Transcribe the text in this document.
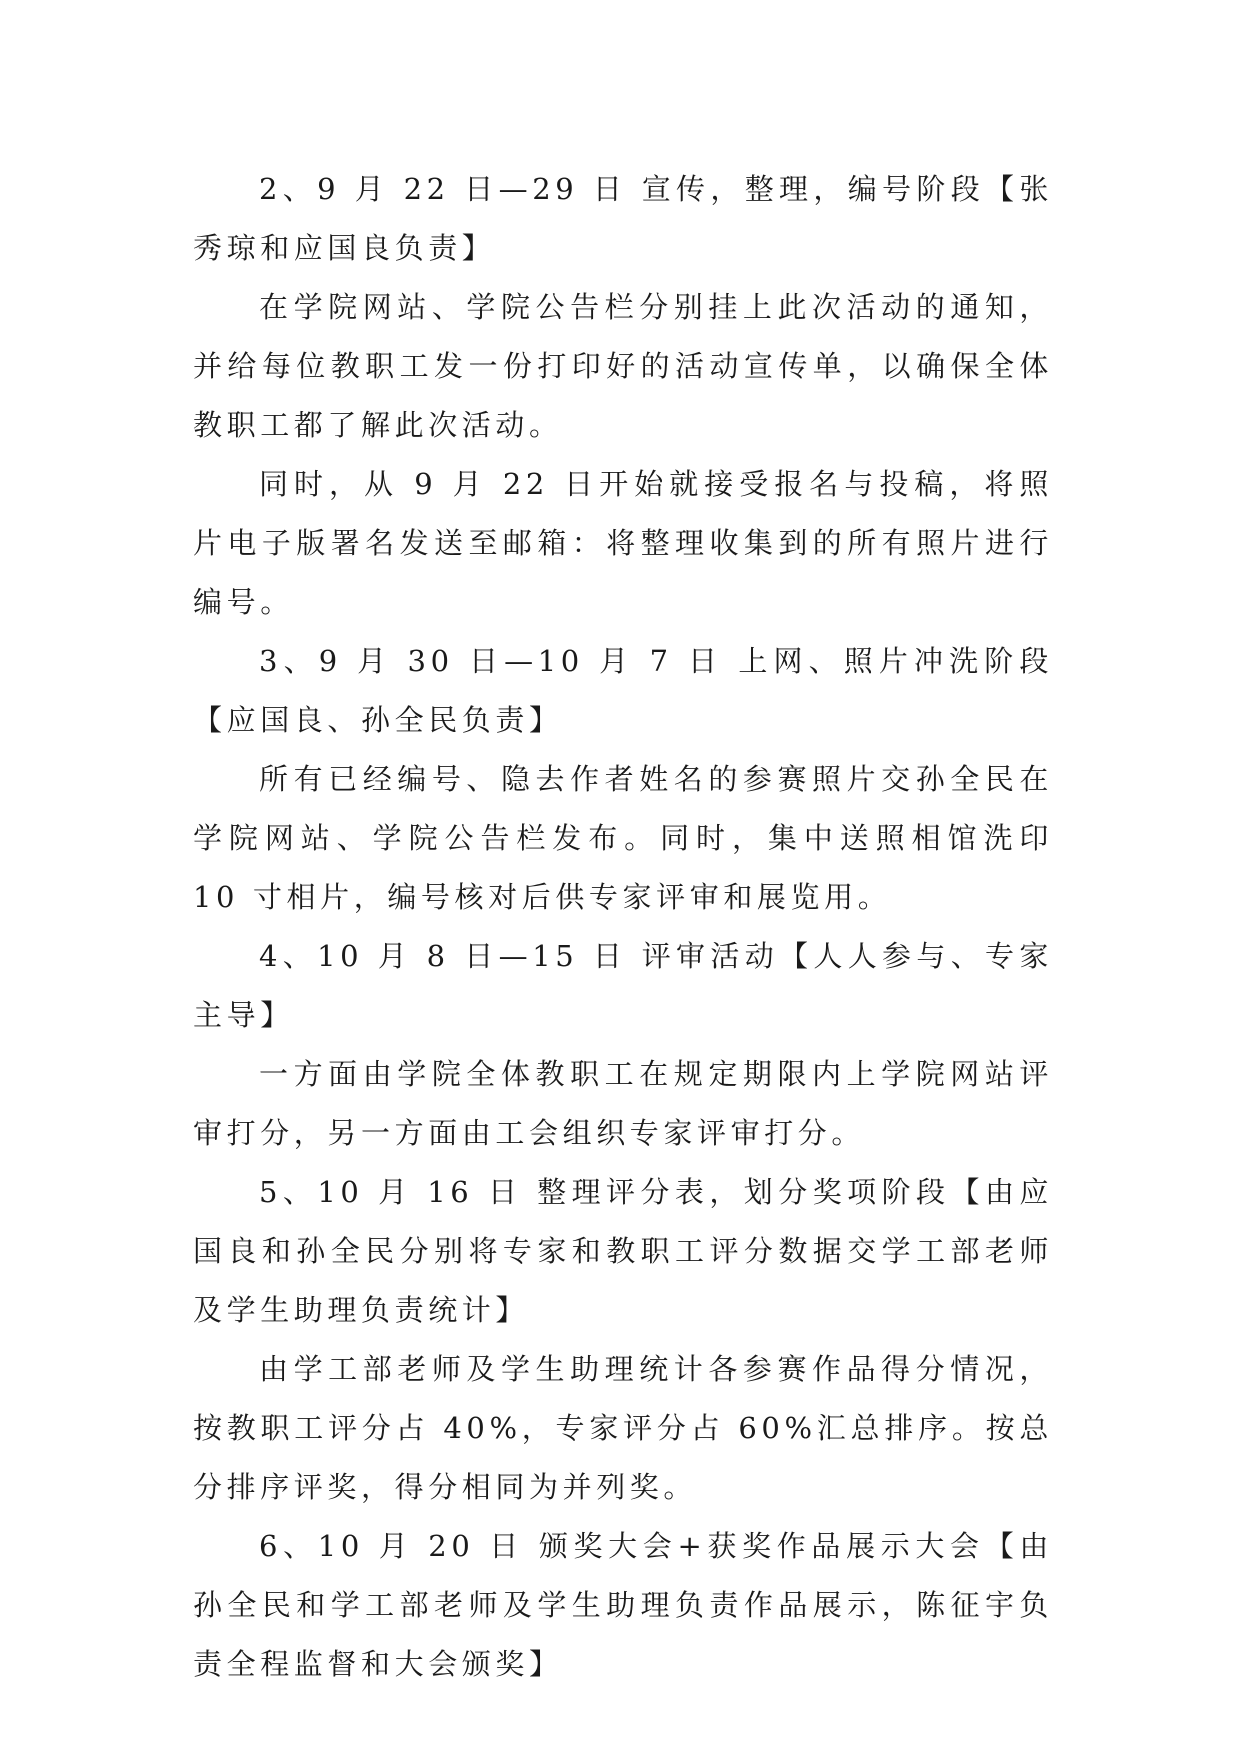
2、9 月 22 日—29 日 宣传，整理，编号阶段【张秀琼和应国良负责】

在学院网站、学院公告栏分别挂上此次活动的通知，并给每位教职工发一份打印好的活动宣传单，以确保全体教职工都了解此次活动。

同时，从 9 月 22 日开始就接受报名与投稿，将照片电子版署名发送至邮箱：将整理收集到的所有照片进行编号。

3、9 月 30 日—10 月 7 日 上网、照片冲洗阶段 【应国良、孙全民负责】

所有已经编号、隐去作者姓名的参赛照片交孙全民在学院网站、学院公告栏发布。同时，集中送照相馆洗印 10 寸相片，编号核对后供专家评审和展览用。

4、10 月 8 日—15 日 评审活动【人人参与、专家主导】

一方面由学院全体教职工在规定期限内上学院网站评审打分，另一方面由工会组织专家评审打分。

5、10 月 16 日 整理评分表，划分奖项阶段【由应国良和孙全民分别将专家和教职工评分数据交学工部老师及学生助理负责统计】

由学工部老师及学生助理统计各参赛作品得分情况，按教职工评分占 40%，专家评分占 60%汇总排序。按总分排序评奖，得分相同为并列奖。

6、10 月 20 日 颁奖大会+获奖作品展示大会【由孙全民和学工部老师及学生助理负责作品展示，陈征宇负责全程监督和大会颁奖】
